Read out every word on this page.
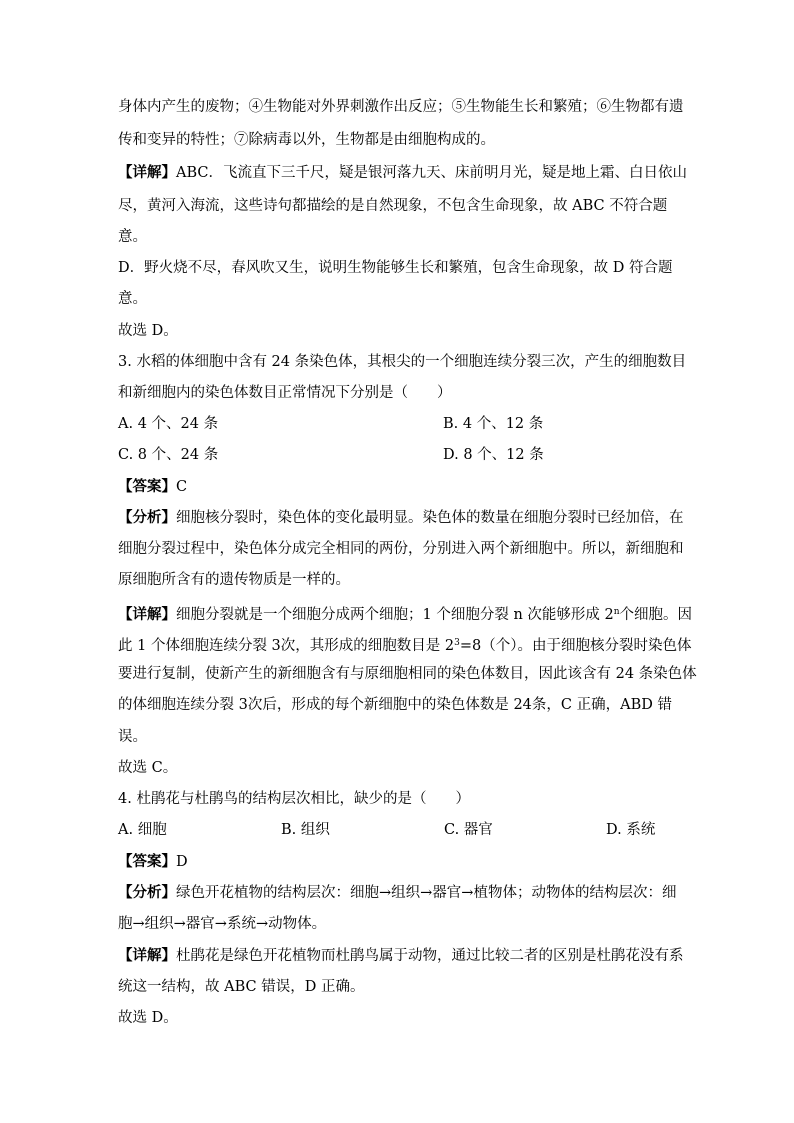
身体内产生的废物；④生物能对外界刺激作出反应；⑤生物能生长和繁殖；⑥生物都有遗
传和变异的特性；⑦除病毒以外，生物都是由细胞构成的。
【详解】ABC．飞流直下三千尺，疑是银河落九天、床前明月光，疑是地上霜、白日依山
尽，黄河入海流，这些诗句都描绘的是自然现象，不包含生命现象，故 ABC 不符合题
意。
D．野火烧不尽，春风吹又生，说明生物能够生长和繁殖，包含生命现象，故 D 符合题
意。
故选 D。
3. 水稻的体细胞中含有 24 条染色体，其根尖的一个细胞连续分裂三次，产生的细胞数目
和新细胞内的染色体数目正常情况下分别是（　　）
A. 4 个、24 条	B. 4 个、12 条
C. 8 个、24 条	D. 8 个、12 条
【答案】C
【分析】细胞核分裂时，染色体的变化最明显。染色体的数量在细胞分裂时已经加倍，在
细胞分裂过程中，染色体分成完全相同的两份，分别进入两个新细胞中。所以，新细胞和
原细胞所含有的遗传物质是一样的。
【详解】细胞分裂就是一个细胞分成两个细胞；1 个细胞分裂 n 次能够形成 2$^n$个细胞。因
此 1 个体细胞连续分裂 3次，其形成的细胞数目是 $2^3=8$（个）。由于细胞核分裂时染色体
要进行复制，使新产生的新细胞含有与原细胞相同的染色体数目，因此该含有 24 条染色体
的体细胞连续分裂 3次后，形成的每个新细胞中的染色体数是 24条，C 正确，ABD 错
误。
故选 C。
4. 杜鹃花与杜鹃鸟的结构层次相比，缺少的是（　　）
A. 细胞	B. 组织	C. 器官	D. 系统
【答案】D
【分析】绿色开花植物的结构层次：细胞→组织→器官→植物体；动物体的结构层次：细
胞→组织→器官→系统→动物体。
【详解】杜鹃花是绿色开花植物而杜鹃鸟属于动物，通过比较二者的区别是杜鹃花没有系
统这一结构，故 ABC 错误，D 正确。
故选 D。
